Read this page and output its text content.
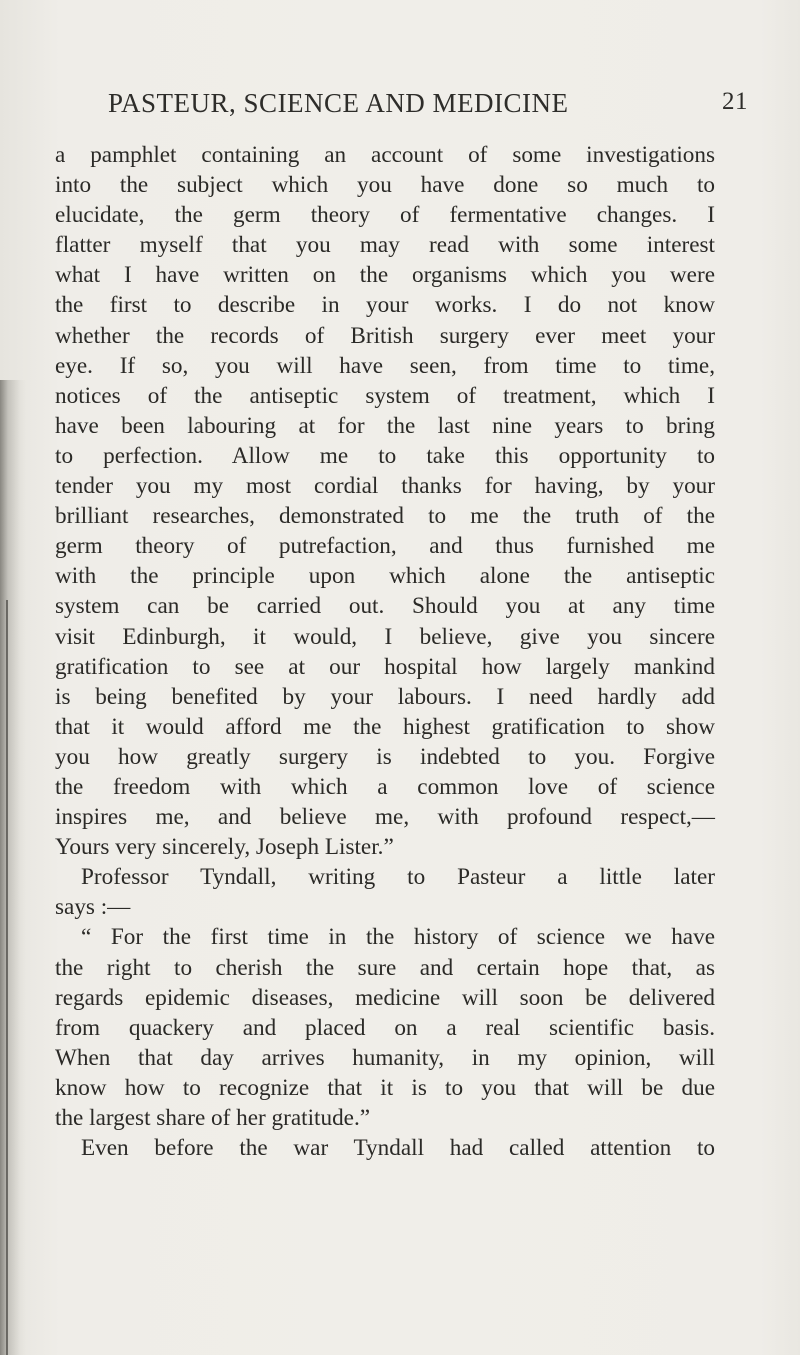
PASTEUR, SCIENCE AND MEDICINE	21
a pamphlet containing an account of some investigations
into the subject which you have done so much to
elucidate, the germ theory of fermentative changes. I
flatter myself that you may read with some interest
what I have written on the organisms which you were
the first to describe in your works. I do not know
whether the records of British surgery ever meet your
eye. If so, you will have seen, from time to time,
notices of the antiseptic system of treatment, which I
have been labouring at for the last nine years to bring
to perfection. Allow me to take this opportunity to
tender you my most cordial thanks for having, by your
brilliant researches, demonstrated to me the truth of the
germ theory of putrefaction, and thus furnished me
with the principle upon which alone the antiseptic
system can be carried out. Should you at any time
visit Edinburgh, it would, I believe, give you sincere
gratification to see at our hospital how largely mankind
is being benefited by your labours. I need hardly add
that it would afford me the highest gratification to show
you how greatly surgery is indebted to you. Forgive
the freedom with which a common love of science
inspires me, and believe me, with profound respect,—
Yours very sincerely, Joseph Lister.”
Professor Tyndall, writing to Pasteur a little later
says :—
“ For the first time in the history of science we have
the right to cherish the sure and certain hope that, as
regards epidemic diseases, medicine will soon be delivered
from quackery and placed on a real scientific basis.
When that day arrives humanity, in my opinion, will
know how to recognize that it is to you that will be due
the largest share of her gratitude.”
Even before the war Tyndall had called attention to
